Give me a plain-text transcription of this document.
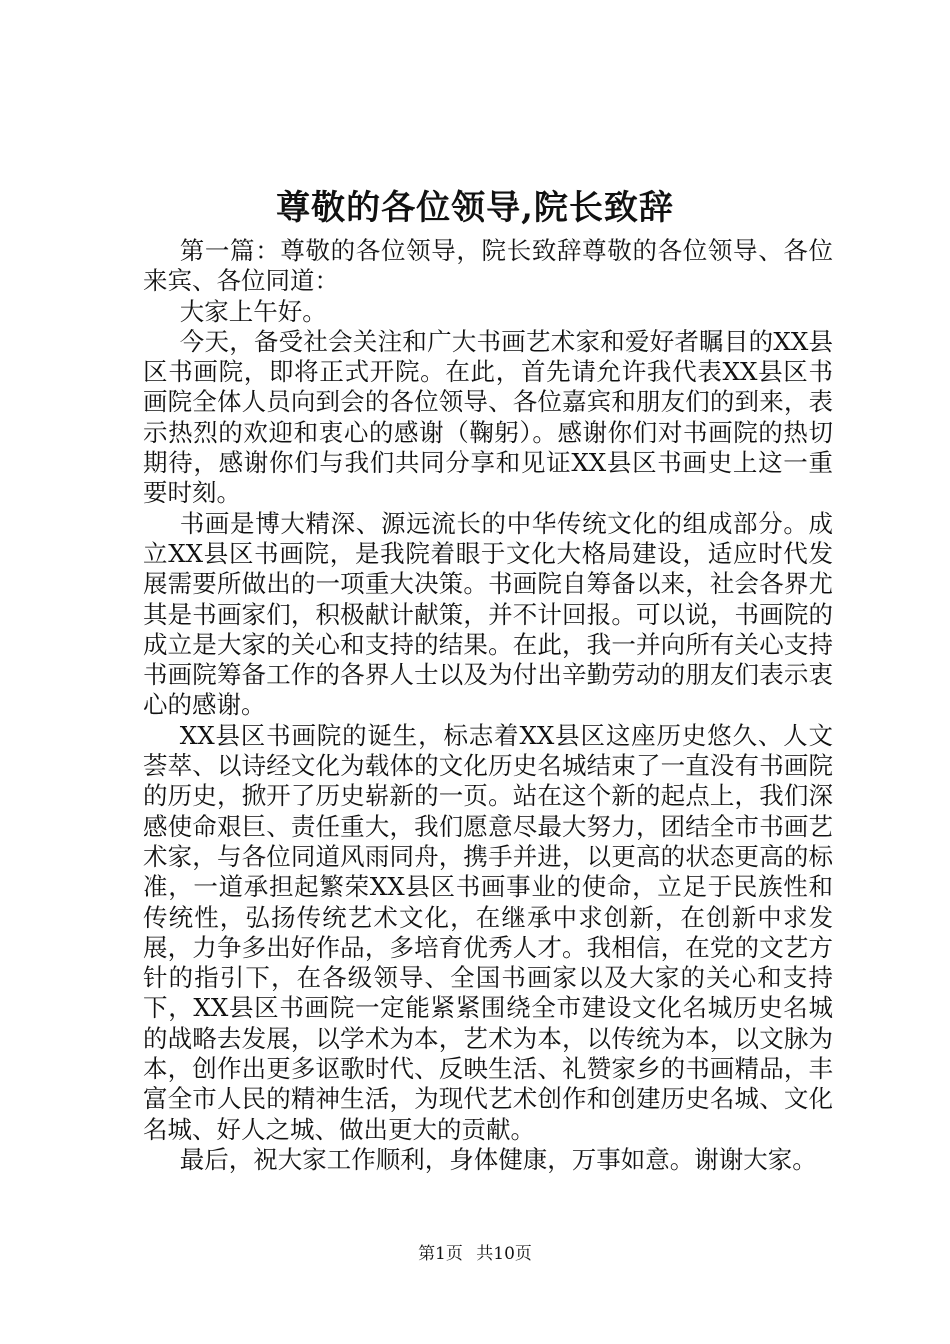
尊敬的各位领导,院长致辞

第一篇：尊敬的各位领导，院长致辞尊敬的各位领导、各位来宾、各位同道：

大家上午好。

今天，备受社会关注和广大书画艺术家和爱好者瞩目的XX县区书画院，即将正式开院。在此，首先请允许我代表XX县区书画院全体人员向到会的各位领导、各位嘉宾和朋友们的到来，表示热烈的欢迎和衷心的感谢（鞠躬）。感谢你们对书画院的热切期待，感谢你们与我们共同分享和见证XX县区书画史上这一重要时刻。

书画是博大精深、源远流长的中华传统文化的组成部分。成立XX县区书画院，是我院着眼于文化大格局建设，适应时代发展需要所做出的一项重大决策。书画院自筹备以来，社会各界尤其是书画家们，积极献计献策，并不计回报。可以说，书画院的成立是大家的关心和支持的结果。在此，我一并向所有关心支持书画院筹备工作的各界人士以及为付出辛勤劳动的朋友们表示衷心的感谢。

XX县区书画院的诞生，标志着XX县区这座历史悠久、人文荟萃、以诗经文化为载体的文化历史名城结束了一直没有书画院的历史，掀开了历史崭新的一页。站在这个新的起点上，我们深感使命艰巨、责任重大，我们愿意尽最大努力，团结全市书画艺术家，与各位同道风雨同舟，携手并进，以更高的状态更高的标准，一道承担起繁荣XX县区书画事业的使命，立足于民族性和传统性，弘扬传统艺术文化，在继承中求创新，在创新中求发展，力争多出好作品，多培育优秀人才。我相信，在党的文艺方针的指引下，在各级领导、全国书画家以及大家的关心和支持下，XX县区书画院一定能紧紧围绕全市建设文化名城历史名城的战略去发展，以学术为本，艺术为本，以传统为本，以文脉为本，创作出更多讴歌时代、反映生活、礼赞家乡的书画精品，丰富全市人民的精神生活，为现代艺术创作和创建历史名城、文化名城、好人之城、做出更大的贡献。

最后，祝大家工作顺利，身体健康，万事如意。谢谢大家。

第1页 共10页
